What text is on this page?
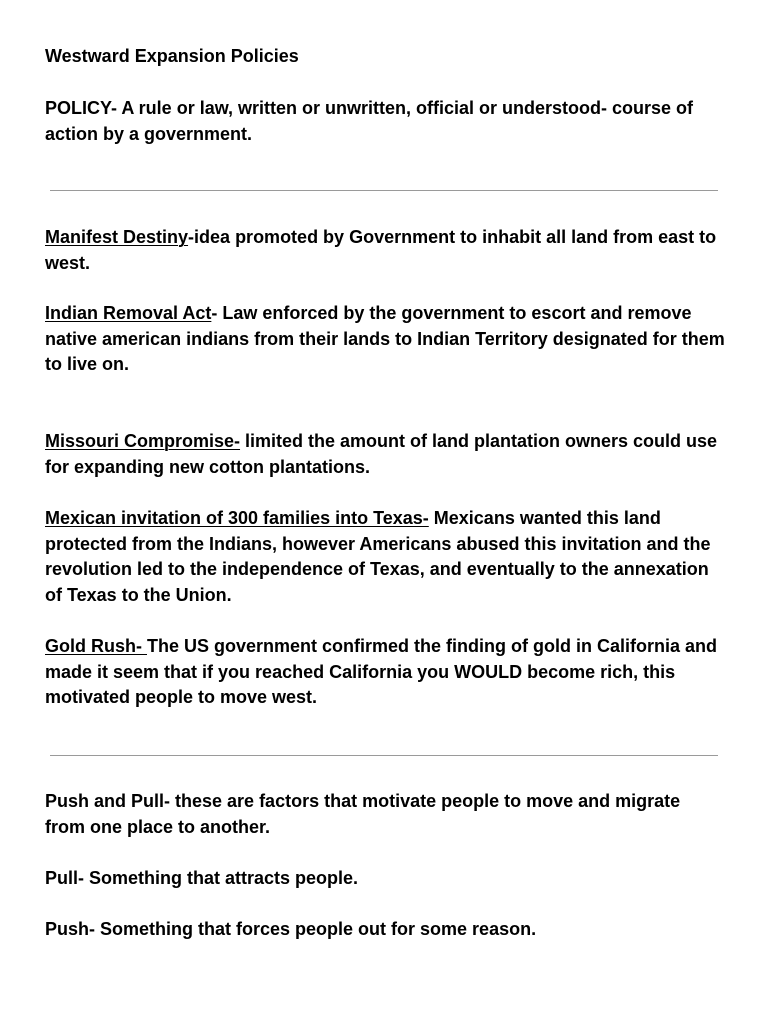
Westward Expansion Policies

POLICY- A rule or law, written or unwritten, official or understood- course of action by a government.

Manifest Destiny-idea promoted by Government to inhabit all land from east to west.

Indian Removal Act- Law enforced by the government to escort and remove native american indians from their lands to Indian Territory designated for them to live on.

Missouri Compromise- limited the amount of land plantation owners could use for expanding new cotton plantations.

Mexican invitation of 300 families into Texas- Mexicans wanted this land protected from the Indians, however Americans abused this invitation and the revolution led to the independence of Texas, and eventually to the annexation of Texas to the Union.

Gold Rush- The US government confirmed the finding of gold in California and made it seem that if you reached California you WOULD become rich, this motivated people to move west.

Push and Pull- these are factors that motivate people to move and migrate from one place to another.

Pull- Something that attracts people.

Push- Something that forces people out for some reason.
